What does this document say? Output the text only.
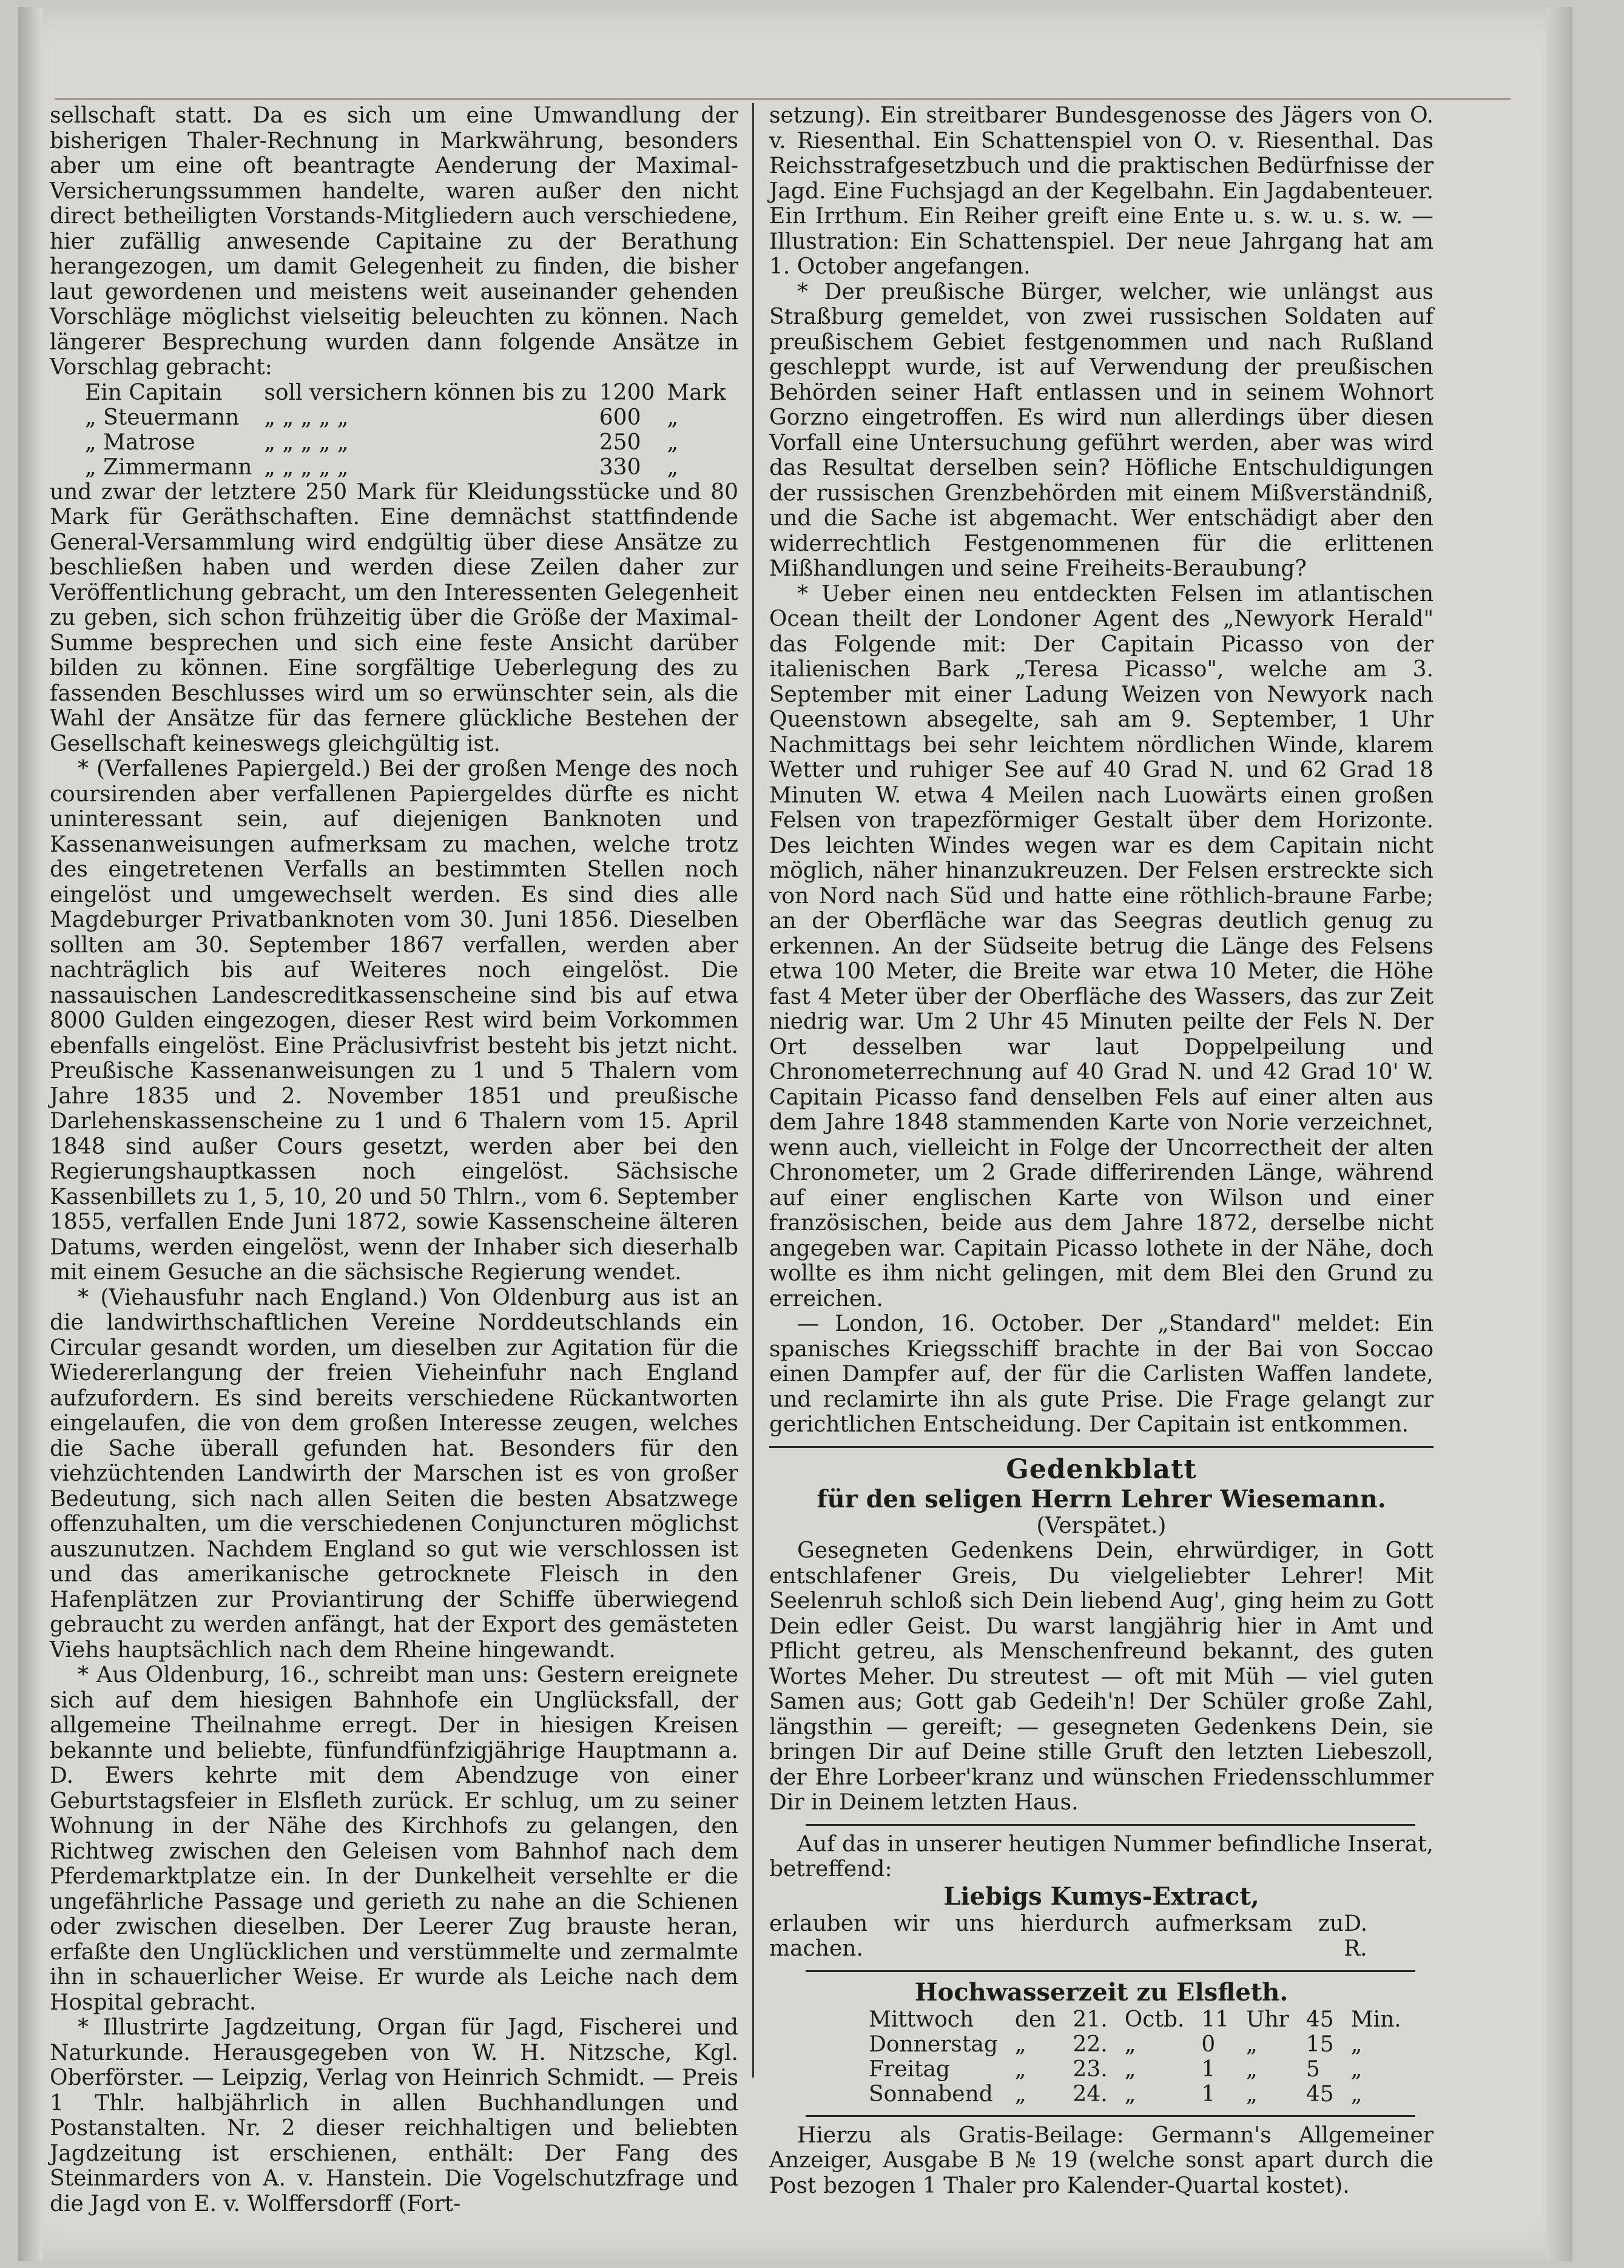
sellschaft statt. Da es sich um eine Umwandlung der bisherigen Thaler-Rechnung in Markwährung, besonders aber um eine oft beantragte Aenderung der Maximal-Versicherungssummen handelte, waren außer den nicht direct betheiligten Vorstands-Mitgliedern auch verschiedene, hier zufällig anwesende Capitaine zu der Berathung herangezogen, um damit Gelegenheit zu finden, die bisher laut gewordenen und meistens weit auseinander gehenden Vorschläge möglichst vielseitig beleuchten zu können. Nach längerer Besprechung wurden dann folgende Ansätze in Vorschlag gebracht:

Ein Capitain	soll versichern können bis zu	1200	Mark
„ Steuermann	„ „ „ „ „	600	„
„ Matrose	„ „ „ „ „	250	„
„ Zimmermann	„ „ „ „ „	330	„

und zwar der letztere 250 Mark für Kleidungsstücke und 80 Mark für Geräthschaften. Eine demnächst stattfindende General-Versammlung wird endgültig über diese Ansätze zu beschließen haben und werden diese Zeilen daher zur Veröffentlichung gebracht, um den Interessenten Gelegenheit zu geben, sich schon frühzeitig über die Größe der Maximal-Summe besprechen und sich eine feste Ansicht darüber bilden zu können. Eine sorgfältige Ueberlegung des zu fassenden Beschlusses wird um so erwünschter sein, als die Wahl der Ansätze für das fernere glückliche Bestehen der Gesellschaft keineswegs gleichgültig ist.

* (Verfallenes Papiergeld.) Bei der großen Menge des noch coursirenden aber verfallenen Papiergeldes dürfte es nicht uninteressant sein, auf diejenigen Banknoten und Kassenanweisungen aufmerksam zu machen, welche trotz des eingetretenen Verfalls an bestimmten Stellen noch eingelöst und umgewechselt werden. Es sind dies alle Magdeburger Privatbanknoten vom 30. Juni 1856. Dieselben sollten am 30. September 1867 verfallen, werden aber nachträglich bis auf Weiteres noch eingelöst. Die nassauischen Landescreditkassenscheine sind bis auf etwa 8000 Gulden eingezogen, dieser Rest wird beim Vorkommen ebenfalls eingelöst. Eine Präclusivfrist besteht bis jetzt nicht. Preußische Kassenanweisungen zu 1 und 5 Thalern vom Jahre 1835 und 2. November 1851 und preußische Darlehenskassenscheine zu 1 und 6 Thalern vom 15. April 1848 sind außer Cours gesetzt, werden aber bei den Regierungshauptkassen noch eingelöst. Sächsische Kassenbillets zu 1, 5, 10, 20 und 50 Thlrn., vom 6. September 1855, verfallen Ende Juni 1872, sowie Kassenscheine älteren Datums, werden eingelöst, wenn der Inhaber sich dieserhalb mit einem Gesuche an die sächsische Regierung wendet.

* (Viehausfuhr nach England.) Von Oldenburg aus ist an die landwirthschaftlichen Vereine Norddeutschlands ein Circular gesandt worden, um dieselben zur Agitation für die Wiedererlangung der freien Vieheinfuhr nach England aufzufordern. Es sind bereits verschiedene Rückantworten eingelaufen, die von dem großen Interesse zeugen, welches die Sache überall gefunden hat. Besonders für den viehzüchtenden Landwirth der Marschen ist es von großer Bedeutung, sich nach allen Seiten die besten Absatzwege offenzuhalten, um die verschiedenen Conjuncturen möglichst auszunutzen. Nachdem England so gut wie verschlossen ist und das amerikanische getrocknete Fleisch in den Hafenplätzen zur Proviantirung der Schiffe überwiegend gebraucht zu werden anfängt, hat der Export des gemästeten Viehs hauptsächlich nach dem Rheine hingewandt.

* Aus Oldenburg, 16., schreibt man uns: Gestern ereignete sich auf dem hiesigen Bahnhofe ein Unglücksfall, der allgemeine Theilnahme erregt. Der in hiesigen Kreisen bekannte und beliebte, fünfundfünfzigjährige Hauptmann a. D. Ewers kehrte mit dem Abendzuge von einer Geburtstagsfeier in Elsfleth zurück. Er schlug, um zu seiner Wohnung in der Nähe des Kirchhofs zu gelangen, den Richtweg zwischen den Geleisen vom Bahnhof nach dem Pferdemarktplatze ein. In der Dunkelheit versehlte er die ungefährliche Passage und gerieth zu nahe an die Schienen oder zwischen dieselben. Der Leerer Zug brauste heran, erfaßte den Unglücklichen und verstümmelte und zermalmte ihn in schauerlicher Weise. Er wurde als Leiche nach dem Hospital gebracht.

* Illustrirte Jagdzeitung, Organ für Jagd, Fischerei und Naturkunde. Herausgegeben von W. H. Nitzsche, Kgl. Oberförster. — Leipzig, Verlag von Heinrich Schmidt. — Preis 1 Thlr. halbjährlich in allen Buchhandlungen und Postanstalten. Nr. 2 dieser reichhaltigen und beliebten Jagdzeitung ist erschienen, enthält: Der Fang des Steinmarders von A. v. Hanstein. Die Vogelschutzfrage und die Jagd von E. v. Wolffersdorff (Fort-

setzung). Ein streitbarer Bundesgenosse des Jägers von O. v. Riesenthal. Ein Schattenspiel von O. v. Riesenthal. Das Reichsstrafgesetzbuch und die praktischen Bedürfnisse der Jagd. Eine Fuchsjagd an der Kegelbahn. Ein Jagdabenteuer. Ein Irrthum. Ein Reiher greift eine Ente u. s. w. u. s. w. — Illustration: Ein Schattenspiel. Der neue Jahrgang hat am 1. October angefangen.

* Der preußische Bürger, welcher, wie unlängst aus Straßburg gemeldet, von zwei russischen Soldaten auf preußischem Gebiet festgenommen und nach Rußland geschleppt wurde, ist auf Verwendung der preußischen Behörden seiner Haft entlassen und in seinem Wohnort Gorzno eingetroffen. Es wird nun allerdings über diesen Vorfall eine Untersuchung geführt werden, aber was wird das Resultat derselben sein? Höfliche Entschuldigungen der russischen Grenzbehörden mit einem Mißverständniß, und die Sache ist abgemacht. Wer entschädigt aber den widerrechtlich Festgenommenen für die erlittenen Mißhandlungen und seine Freiheits-Beraubung?

* Ueber einen neu entdeckten Felsen im atlantischen Ocean theilt der Londoner Agent des „Newyork Herald" das Folgende mit: Der Capitain Picasso von der italienischen Bark „Teresa Picasso", welche am 3. September mit einer Ladung Weizen von Newyork nach Queenstown absegelte, sah am 9. September, 1 Uhr Nachmittags bei sehr leichtem nördlichen Winde, klarem Wetter und ruhiger See auf 40 Grad N. und 62 Grad 18 Minuten W. etwa 4 Meilen nach Luowärts einen großen Felsen von trapezförmiger Gestalt über dem Horizonte. Des leichten Windes wegen war es dem Capitain nicht möglich, näher hinanzukreuzen. Der Felsen erstreckte sich von Nord nach Süd und hatte eine röthlich-braune Farbe; an der Oberfläche war das Seegras deutlich genug zu erkennen. An der Südseite betrug die Länge des Felsens etwa 100 Meter, die Breite war etwa 10 Meter, die Höhe fast 4 Meter über der Oberfläche des Wassers, das zur Zeit niedrig war. Um 2 Uhr 45 Minuten peilte der Fels N. Der Ort desselben war laut Doppelpeilung und Chronometerrechnung auf 40 Grad N. und 42 Grad 10' W. Capitain Picasso fand denselben Fels auf einer alten aus dem Jahre 1848 stammenden Karte von Norie verzeichnet, wenn auch, vielleicht in Folge der Uncorrectheit der alten Chronometer, um 2 Grade differirenden Länge, während auf einer englischen Karte von Wilson und einer französischen, beide aus dem Jahre 1872, derselbe nicht angegeben war. Capitain Picasso lothete in der Nähe, doch wollte es ihm nicht gelingen, mit dem Blei den Grund zu erreichen.

— London, 16. October. Der „Standard" meldet: Ein spanisches Kriegsschiff brachte in der Bai von Soccao einen Dampfer auf, der für die Carlisten Waffen landete, und reclamirte ihn als gute Prise. Die Frage gelangt zur gerichtlichen Entscheidung. Der Capitain ist entkommen.

Gedenkblatt
für den seligen Herrn Lehrer Wiesemann.
(Verspätet.)

Gesegneten Gedenkens Dein, ehrwürdiger, in Gott entschlafener Greis, Du vielgeliebter Lehrer! Mit Seelenruh schloß sich Dein liebend Aug', ging heim zu Gott Dein edler Geist. Du warst langjährig hier in Amt und Pflicht getreu, als Menschenfreund bekannt, des guten Wortes Meher. Du streutest — oft mit Müh — viel guten Samen aus; Gott gab Gedeih'n! Der Schüler große Zahl, längsthin — gereift; — gesegneten Gedenkens Dein, sie bringen Dir auf Deine stille Gruft den letzten Liebeszoll, der Ehre Lorbeer'kranz und wünschen Friedensschlummer Dir in Deinem letzten Haus.

Auf das in unserer heutigen Nummer befindliche Inserat, betreffend:

Liebigs Kumys-Extract,
erlauben wir uns hierdurch aufmerksam zu machen.
D. R.
Hochwasserzeit zu Elsfleth.
Mittwoch	den	21.	Octb.	11	Uhr	45	Min.
Donnerstag	„	22.	„	0	„	15	„
Freitag	„	23.	„	1	„	5	„
Sonnabend	„	24.	„	1	„	45	„

Hierzu als Gratis-Beilage: Germann's Allgemeiner Anzeiger, Ausgabe B № 19 (welche sonst apart durch die Post bezogen 1 Thaler pro Kalender-Quartal kostet).
